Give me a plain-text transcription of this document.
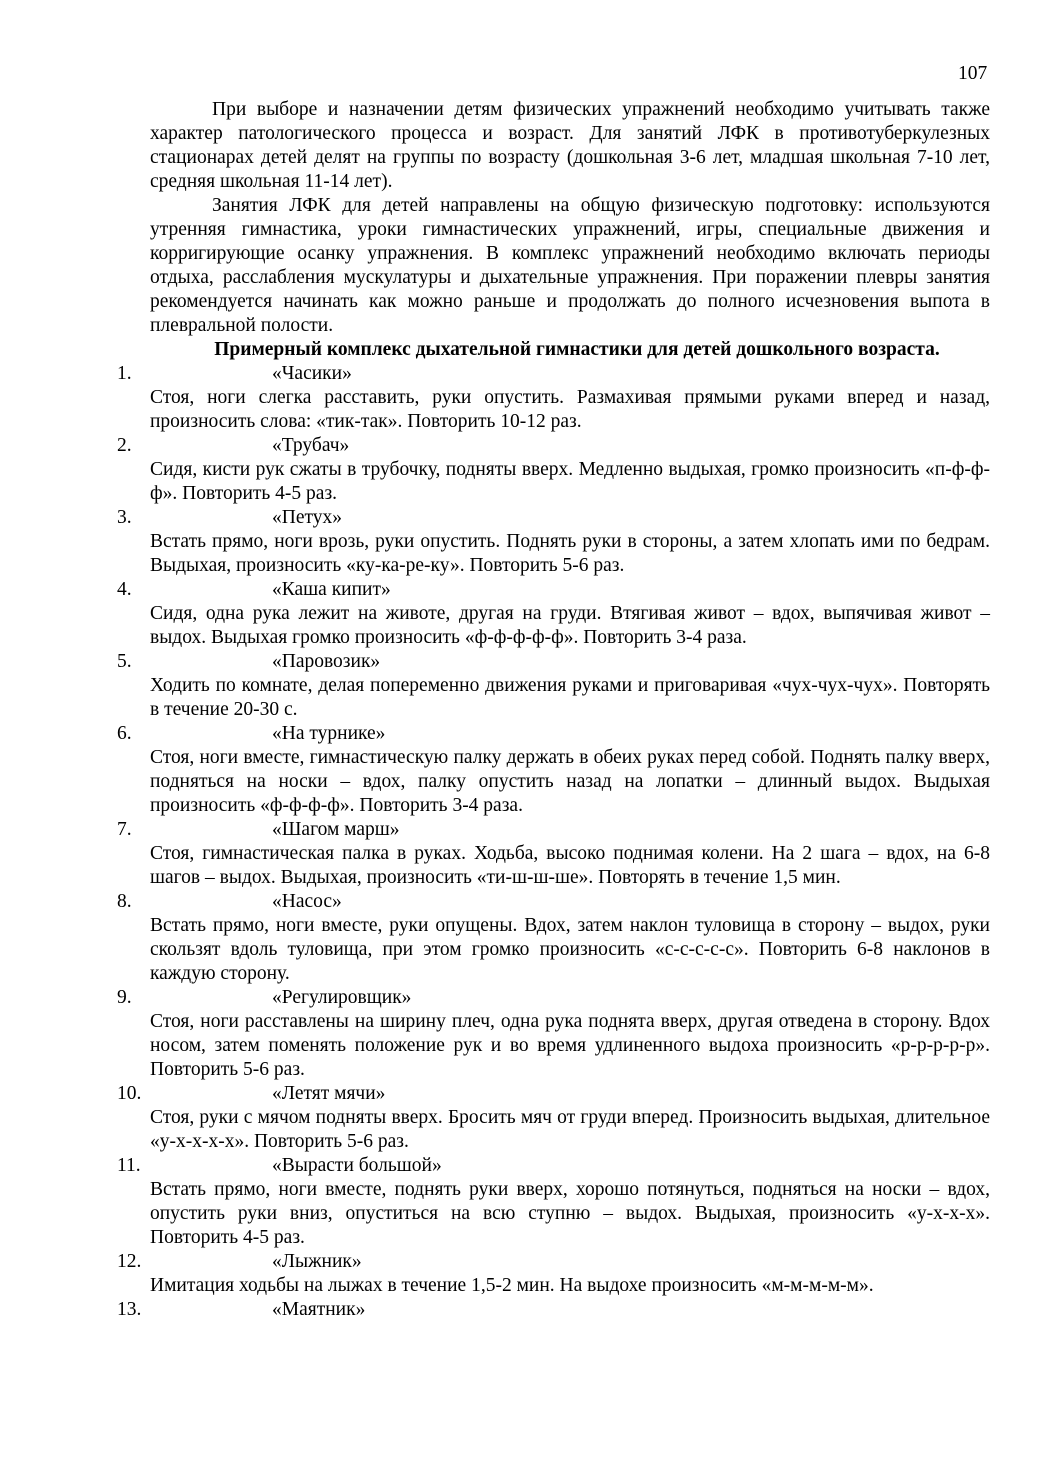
107

При выборе и назначении детям физических упражнений необходимо учитывать также характер патологического процесса и возраст. Для занятий ЛФК в противотуберкулезных стационарах детей делят на группы по возрасту (дошкольная 3-6 лет, младшая школьная 7-10 лет, средняя школьная 11-14 лет).

Занятия ЛФК для детей направлены на общую физическую подготовку: используются утренняя гимнастика, уроки гимнастических упражнений, игры, специальные движения и корригирующие осанку упражнения. В комплекс упражнений необходимо включать периоды отдыха, расслабления мускулатуры и дыхательные упражнения. При поражении плевры занятия рекомендуется начинать как можно раньше и продолжать до полного исчезновения выпота в плевральной полости.

Примерный комплекс дыхательной гимнастики для детей дошкольного возраста.

1.	«Часики»

Стоя, ноги слегка расставить, руки опустить. Размахивая прямыми руками вперед и назад, произносить слова: «тик-так». Повторить 10-12 раз.

2.	«Трубач»

Сидя, кисти рук сжаты в трубочку, подняты вверх. Медленно выдыхая, громко произносить «п-ф-ф-ф». Повторить 4-5 раз.

3.	«Петух»

Встать прямо, ноги врозь, руки опустить. Поднять руки в стороны, а затем хлопать ими по бедрам. Выдыхая, произносить «ку-ка-ре-ку». Повторить 5-6 раз.

4.	«Каша кипит»

Сидя, одна рука лежит на животе, другая на груди. Втягивая живот – вдох, выпячивая живот – выдох. Выдыхая громко произносить «ф-ф-ф-ф-ф». Повторить 3-4 раза.

5.	«Паровозик»

Ходить по комнате, делая попеременно движения руками и приговаривая «чух-чух-чух». Повторять в течение 20-30 с.

6.	«На турнике»

Стоя, ноги вместе, гимнастическую палку держать в обеих руках перед собой. Поднять палку вверх, подняться на носки – вдох, палку опустить назад на лопатки – длинный выдох. Выдыхая произносить «ф-ф-ф-ф». Повторить 3-4 раза.

7.	«Шагом марш»

Стоя, гимнастическая палка в руках. Ходьба, высоко поднимая колени. На 2 шага – вдох, на 6-8 шагов – выдох. Выдыхая, произносить «ти-ш-ш-ше». Повторять в течение 1,5 мин.

8.	«Насос»

Встать прямо, ноги вместе, руки опущены. Вдох, затем наклон туловища в сторону – выдох, руки скользят вдоль туловища, при этом громко произносить «с-с-с-с-с». Повторить 6-8 наклонов в каждую сторону.

9.	«Регулировщик»

Стоя, ноги расставлены на ширину плеч, одна рука поднята вверх, другая отведена в сторону. Вдох носом, затем поменять положение рук и во время удлиненного выдоха произносить «р-р-р-р-р». Повторить 5-6 раз.

10.	«Летят мячи»

Стоя, руки с мячом подняты вверх. Бросить мяч от груди вперед. Произносить выдыхая, длительное «у-х-х-х-х». Повторить 5-6 раз.

11.	«Вырасти большой»

Встать прямо, ноги вместе, поднять руки вверх, хорошо потянуться, подняться на носки – вдох, опустить руки вниз, опуститься на всю ступню – выдох. Выдыхая, произносить «у-х-х-х». Повторить 4-5 раз.

12.	«Лыжник»

Имитация ходьбы на лыжах в течение 1,5-2 мин. На выдохе произносить «м-м-м-м-м».

13.	«Маятник»
